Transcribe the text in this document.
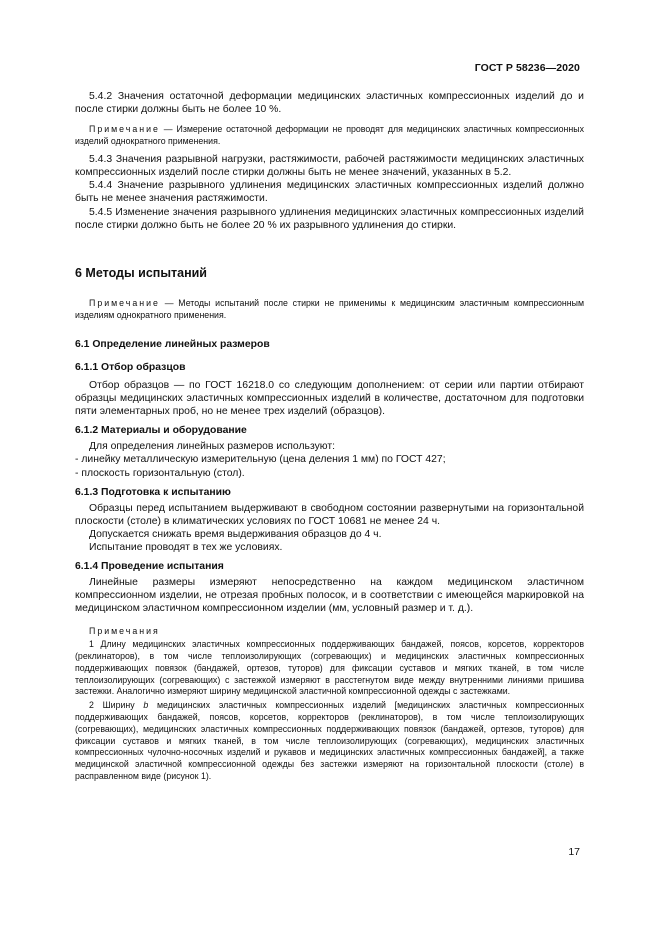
ГОСТ Р 58236—2020

5.4.2 Значения остаточной деформации медицинских эластичных компрессионных изделий до и после стирки должны быть не более 10 %.

Примечание — Измерение остаточной деформации не проводят для медицинских эластичных компрессионных изделий однократного применения.

5.4.3 Значения разрывной нагрузки, растяжимости, рабочей растяжимости медицинских эластичных компрессионных изделий после стирки должны быть не менее значений, указанных в 5.2.

5.4.4 Значение разрывного удлинения медицинских эластичных компрессионных изделий должно быть не менее значения растяжимости.

5.4.5 Изменение значения разрывного удлинения медицинских эластичных компрессионных изделий после стирки должно быть не более 20 % их разрывного удлинения до стирки.

6 Методы испытаний
Примечание — Методы испытаний после стирки не применимы к медицинским эластичным компрессионным изделиям однократного применения.
6.1 Определение линейных размеров
6.1.1 Отбор образцов

Отбор образцов — по ГОСТ 16218.0 со следующим дополнением: от серии или партии отбирают образцы медицинских эластичных компрессионных изделий в количестве, достаточном для подготовки пяти элементарных проб, но не менее трех изделий (образцов).

6.1.2 Материалы и оборудование

Для определения линейных размеров используют:

- линейку металлическую измерительную (цена деления 1 мм) по ГОСТ 427;

- плоскость горизонтальную (стол).

6.1.3 Подготовка к испытанию

Образцы перед испытанием выдерживают в свободном состоянии развернутыми на горизонтальной плоскости (столе) в климатических условиях по ГОСТ 10681 не менее 24 ч.

Допускается снижать время выдерживания образцов до 4 ч.

Испытание проводят в тех же условиях.

6.1.4 Проведение испытания

Линейные размеры измеряют непосредственно на каждом медицинском эластичном компрессионном изделии, не отрезая пробных полосок, и в соответствии с имеющейся маркировкой на медицинском эластичном компрессионном изделии (мм, условный размер и т. д.).

Примечания

1 Длину медицинских эластичных компрессионных поддерживающих бандажей, поясов, корсетов, корректоров (реклинаторов), в том числе теплоизолирующих (согревающих) и медицинских эластичных компрессионных поддерживающих повязок (бандажей, ортезов, туторов) для фиксации суставов и мягких тканей, в том числе теплоизолирующих (согревающих) с застежкой измеряют в расстегнутом виде между внутренними линиями пришива застежки. Аналогично измеряют ширину медицинской эластичной компрессионной одежды с застежками.

2 Ширину b медицинских эластичных компрессионных изделий [медицинских эластичных компрессионных поддерживающих бандажей, поясов, корсетов, корректоров (реклинаторов), в том числе теплоизолирующих (согревающих), медицинских эластичных компрессионных поддерживающих повязок (бандажей, ортезов, туторов) для фиксации суставов и мягких тканей, в том числе теплоизолирующих (согревающих), медицинских эластичных компрессионных чулочно-носочных изделий и рукавов и медицинских эластичных компрессионных бандажей], а также медицинской эластичной компрессионной одежды без застежки измеряют на горизонтальной плоскости (столе) в расправленном виде (рисунок 1).

17
